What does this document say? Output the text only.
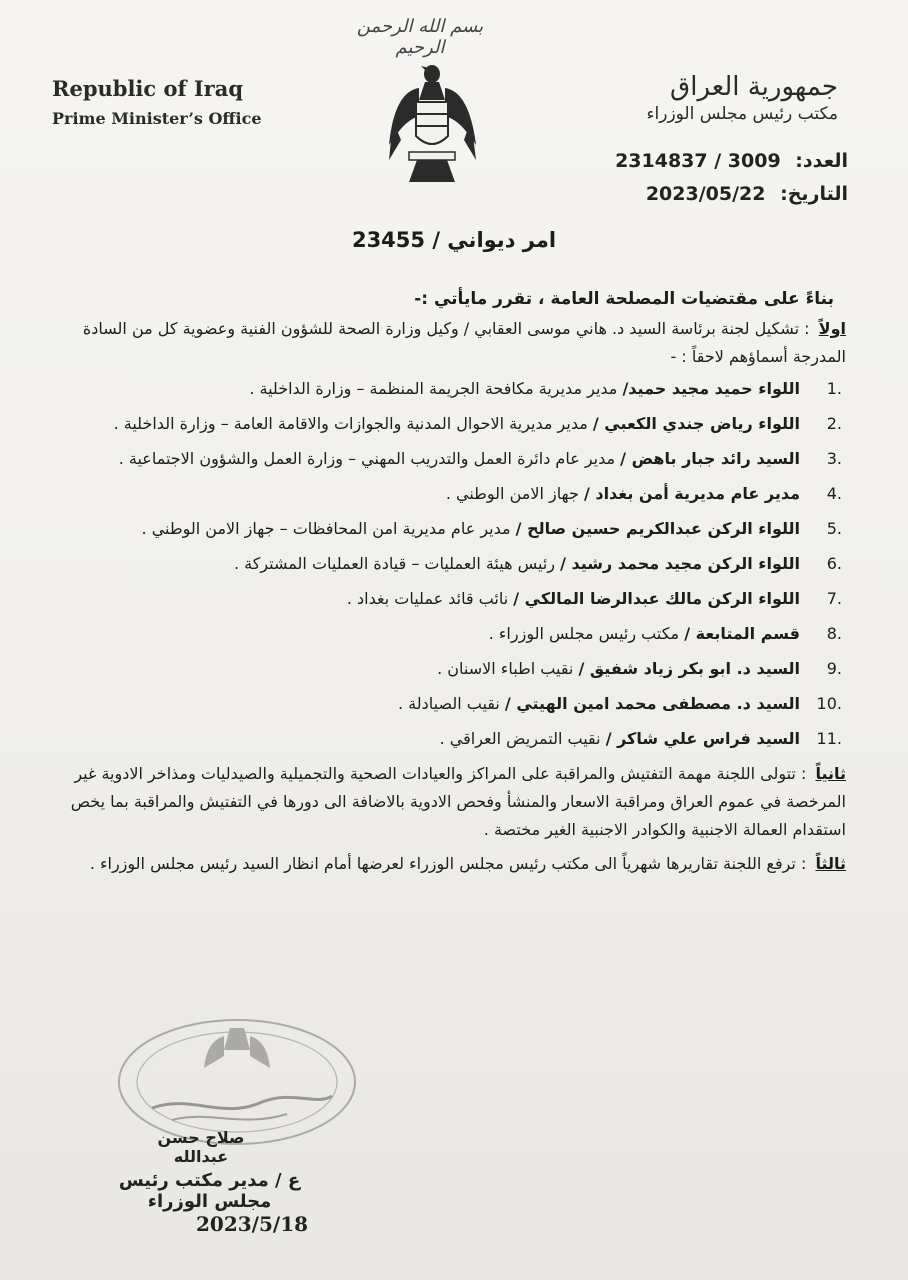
بسم الله الرحمن الرحيم
Republic of Iraq
Prime Minister’s Office
جمهورية العراق
مكتب رئيس مجلس الوزراء
العدد: 2314837 / 3009
التاريخ: 2023/05/22
امر ديواني / 23455
بناءً على مقتضيات المصلحة العامة ، تقرر مايأتي :-
اولاً : تشكيل لجنة برئاسة السيد د. هاني موسى العقابي / وكيل وزارة الصحة للشؤون الفنية وعضوية كل من السادة المدرجة أسماؤهم لاحقاً : -
1.
اللواء حميد مجيد حميد/ مدير مديرية مكافحة الجريمة المنظمة – وزارة الداخلية .
2.
اللواء رياض جندي الكعبي / مدير مديرية الاحوال المدنية والجوازات والاقامة العامة – وزارة الداخلية .
3.
السيد رائد جبار باهض / مدير عام دائرة العمل والتدريب المهني – وزارة العمل والشؤون الاجتماعية .
4.
مدير عام مديرية أمن بغداد / جهاز الامن الوطني .
5.
اللواء الركن عبدالكريم حسين صالح / مدير عام مديرية امن المحافظات – جهاز الامن الوطني .
6.
اللواء الركن مجيد محمد رشيد / رئيس هيئة العمليات – قيادة العمليات المشتركة .
7.
اللواء الركن مالك عبدالرضا المالكي / نائب قائد عمليات بغداد .
8.
قسم المتابعة / مكتب رئيس مجلس الوزراء .
9.
السيد د. ابو بكر زياد شفيق / نقيب اطباء الاسنان .
10.
السيد د. مصطفى محمد امين الهيتي / نقيب الصيادلة .
11.
السيد فراس علي شاكر / نقيب التمريض العراقي .
ثانياً : تتولى اللجنة مهمة التفتيش والمراقبة على المراكز والعيادات الصحية والتجميلية والصيدليات ومذاخر الادوية غير المرخصة في عموم العراق ومراقبة الاسعار والمنشأ وفحص الادوية بالاضافة الى دورها في التفتيش والمراقبة بما يخص استقدام العمالة الاجنبية والكوادر الاجنبية الغير مختصة .
ثالثاً : ترفع اللجنة تقاريرها شهرياً الى مكتب رئيس مجلس الوزراء لعرضها أمام انظار السيد رئيس مجلس الوزراء .
صلاح حسن عبدالله
ع / مدير مكتب رئيس مجلس الوزراء
2023/5/18
